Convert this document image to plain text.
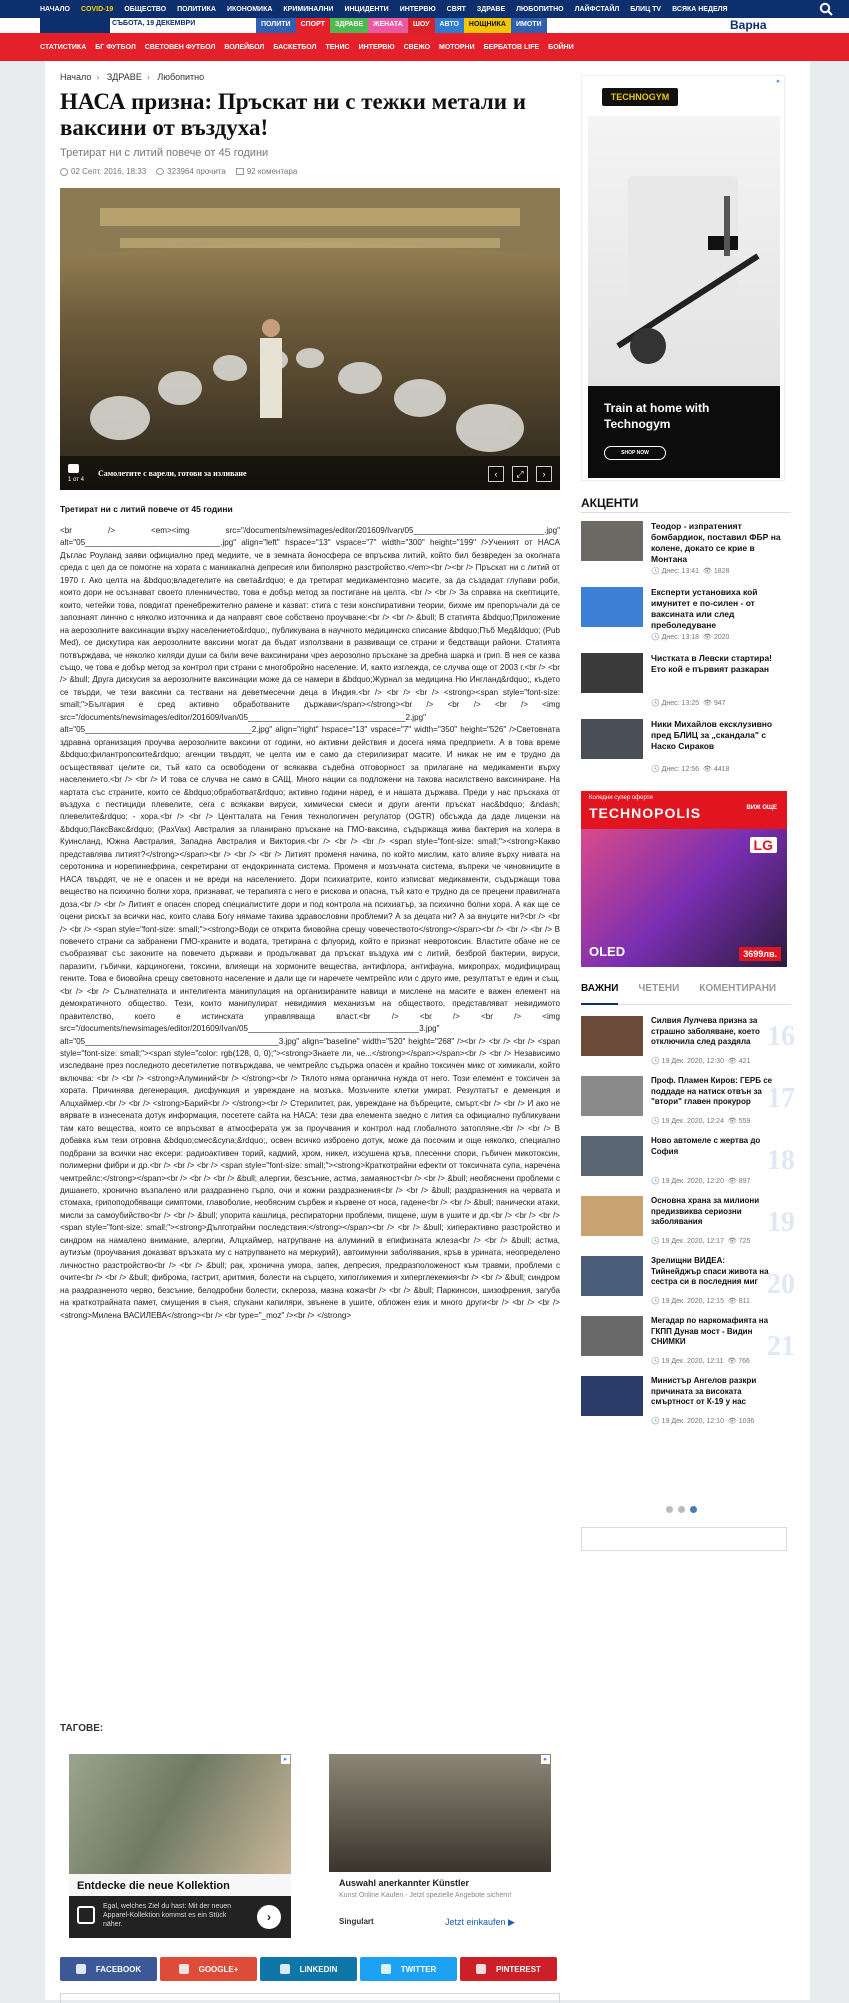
НАЧАЛО COVID-19 ОБЩЕСТВО ПОЛИТИКА ИКОНОМИКА КРИМИНАЛНИ ИНЦИДЕНТИ ИНТЕРВЮ СВЯТ ЗДРАВЕ ЛЮБОПИТНО ЛАЙФСТАЙЛ БЛИЦ TV ВСЯКА НЕДЕЛЯ
СЪБОТА, 19 ДЕКЕМВРИ	ПОЛИТИ	СПОРТ	ЗДРАВЕ	ЖЕНАТА	ШОУ	АВТО	НОЩНИКА	ИМОТИ	Варна
СТАТИСТИКА БГ ФУТБОЛ СВЕТОВЕН ФУТБОЛ ВОЛЕЙБОЛ БАСКЕТБОЛ ТЕНИС ИНТЕРВЮ СВЕЖО МОТОРНИ БЕРБАТОВ LIFE БОЙНИ
Начало › ЗДРАВЕ › Любопитно
НАСА призна: Пръскат ни с тежки метали и ваксини от въздуха!
Третират ни с литий повече от 45 години
02 Септ. 2016, 18:33	323964 прочита	92 коментара
1 от 4
Самолетите с варели, готови за изливане	‹	⤢	›
Третират ни с литий повече от 45 години
<br /> <em><img src="/documents/newsimages/editor/201609/Ivan/05_____________________________.jpg" alt="05______________________________.jpg" align="left" hspace="13" vspace="7" width="300" height="199" />Ученият от НАСА Дъглас Роуланд заяви официално пред медиите, че в земната йоносфера се впръсква литий, който бил безвреден за околната среда с цел да се помогне на хората с маниакална депресия или биполярно разстройство.</em><br /><br /> Пръскат ни с литий от 1970 г. Ако целта на &bdquo;владетелите на света&rdquo; е да третират медикаментозно масите, за да създадат глупави роби, които дори не осъзнават своето пленничество, това е добър метод за постигане на целта. <br /> <br /> За справка на скептиците, които, четейки това, повдигат пренебрежително рамене и казват: стига с тези конспиративни теории, бихме им препоръчали да се запознаят линчно с няколко източника и да направят свое собствено проучване:<br /> <br /> &bull; В статията &bdquo;Приложение на аерозолните ваксинации върху населението&rdquo;, публикувана в научното медицинско списание &bdquo;Пъб Мед&ldquo; (Pub Med), се дискутира как аерозолните ваксини могат да бъдат използвани в развиващи се страни и бедстващи райони. Статията потвърждава, че няколко хиляди души са били вече ваксинирани чрез аерозолно пръскане за дребна шарка и грип. В нея се казва също, че това е добър метод за контрол при страни с многобройно население. И, както изглежда, се случва още от 2003 г.<br /> <br /> &bull; Друга дискусия за аерозолните ваксинации може да се намери в &bdquo;Журнал за медицина Ню Ингланд&rdquo;, където се твърди, че тези ваксини са тествани на деветмесечни деца в Индия.<br /> <br /> <br /> <strong><span style="font-size: small;">България е сред активно обработваните държави</span></strong><br /> <br /> <br /> <img src="/documents/newsimages/editor/201609/Ivan/05___________________________________2.jpg" alt="05_____________________________________2.jpg" align="right" hspace="13" vspace="7" width="350" height="526" />Световната здравна организация проучва аерозолните ваксини от години, но активни действия и досега няма предприети. А в това време &bdquo;филантропските&rdquo; агенции твърдят, че целта им е само да стерилизират масите. И никак не им е трудно да осъществяват целите си, тъй като са освободени от всякаква съдебна отговорност за прилагане на медикаменти върху населението.<br /> <br /> И това се случва не само в САЩ. Много нации са подложени на такова насилствено ваксиниране. На картата със страните, които се &bdquo;обработват&rdquo; активно години наред, е и нашата държава. Преди у нас пръскаха от въздуха с пестициди плевелите, сега с всякакви вируси, химически смеси и други агенти пръскат нас&bdquo; &ndash; плевелите&rdquo; - хора.<br /> <br /> Центталата на Гения технологичен регулатор (OGTR) обсъжда да даде лицензи на &bdquo;ПаксВакс&rdquo; (PaxVax) Австралия за планирано пръскане на ГМО-ваксина, съдържаща жива бактерия на холера в Куинсланд, Южна Австралия, Западна Австралия и Виктория.<br /> <br /> <br /> <span style="font-size: small;"><strong>Какво представлява литият?</strong></span><br /> <br /> <br /> Литият променя начина, по който мислим, като влияе върху нивата на серотонина и норепинефрина, секретирани от ендокринната система. Променя и мозъчната система, въпреки че чиновниците в НАСА твърдят, че не е опасен и не вреди на населението. Дори психиатрите, които изписват медикаменти, съдържащи това вещество на психично болни хора, признават, че терапията с него е рискова и опасна, тъй като е трудно да се прецени правилната доза.<br /> <br /> Литият е опасен според специалистите дори и под контрола на психиатър, за психично болни хора. А как ще се оцени рискът за всички нас, които слава Богу нямаме такива здравословни проблеми? А за децата ни? А за внуците ни?<br /> <br /> <br /> <span style="font-size: small;"><strong>Води се открита биовойна срещу човечеството</strong></span><br /> <br /> <br /> В повечето страни са забранени ГМО-храните и водата, третирана с флуорид, който е признат невротоксин. Властите обаче не се съобразяват със законите на повечето държави и продължават да пръскат въздуха им с литий, безброй бактерии, вируси, паразити, гъбички, карциногени, токсини, влияещи на хормоните вещества, антифлора, антифауна, микропрах, модифициращ гените. Това е биовойна срещу световното население и дали ще ги наречете чемтрейлс или с друго име, резултатът е един и същ.<br /> <br /> Сълнателната и интелигента манипулация на организираните навици и мислене на масите е важен елемент на демократичното общество. Тези, които манипулират невидимия механизъм на обществото, представляват невидимото правителство, което е истинската управляваща власт.<br /> <br /> <br /> <img src="/documents/newsimages/editor/201609/Ivan/05______________________________________3.jpg" alt="05___________________________________________3.jpg" align="baseline" width="520" height="268" /><br /> <br /> <br /> <span style="font-size: small;"><span style="color: rgb(128, 0, 0);"><strong>Знаете ли, че...</strong></span></span><br /> <br /> Независимо изследване през последното десетилетие потвърждава, че чемтрейлс съдържа опасен и крайно токсичен микс от химикали, който включва: <br /> <br /> <strong>Алуминий<br /> </strong><br /> Тялото няма органична нужда от него. Този елемент е токсичен за хората. Причинява дегенерация, дисфункция и увреждане на мозъка. Мозъчните клетки умират. Резултатът е деменция и Алцхаймер.<br /> <br /> <strong>Барий<br /> </strong><br /> Стерилитет, рак, увреждане на бъбреците, смърт.<br /> <br /> И ако не вярвате в изнесената дотук информация, посетете сайта на НАСА: тези два елемента заедно с лития са официално публикувани там като вещества, които се впръскват в атмосферата уж за проучвания и контрол над глобалното затопляне.<br /> <br /> В добавка към тези отровна &bdquo;смес&cyna;&rdquo;, освен всичко изброено дотук, може да посочим и още няколко, специално подбрани за всички нас ексери: радиоактивен торий, кадмий, хром, никел, изсушена кръв, плесенни спори, гъбичен микотоксин, полимерни фибри и др.<br /> <br /> <br /> <span style="font-size: small;"><strong>Краткотрайни ефекти от токсичната супа, наречена чемтрейлс:</strong></span><br /> <br /> <br /> &bull; алергии, безсъние, астма, замаяност<br /> <br /> &bull; необяснени проблеми с дишането, хронично възпалено или раздразнено гърло, очи и кожни раздразнения<br /> <br /> &bull; раздразнения на червата и стомаха, грипоподобяващи симптоми, главоболие, необясним сърбеж и кървене от носа, гадене<br /> <br /> &bull; панически атаки, мисли за самоубийство<br /> <br /> &bull; упорита кашлица, респираторни проблеми, пищене, шум в ушите и др.<br /> <br /> <br /> <span style="font-size: small;"><strong>Дълготрайни последствия:</strong></span><br /> <br /> &bull; хиперактивно разстройство и синдром на намалено внимание, алергии, Алцхаймер, натрупване на алуминий в епифизната жлеза<br /> <br /> &bull; астма, аутизъм (проучвания доказват връзката му с натрупването на меркурий), автоимунни заболявания, кръв в урината, неопределено личностно разстройство<br /> <br /> &bull; рак, хронична умора, запек, депресия, предразположеност към травми, проблеми с очите<br /> <br /> &bull; фиброма, гастрит, аритмия, болести на сърцето, хипогликемия и хиперглекемия<br /> <br /> &bull; синдром на раздразненото черво, безсъние, белодробни болести, склероза, мазна кожа<br /> <br /> &bull; Паркинсон, шизофрения, загуба на краткотрайната памет, смущения в съня, спукани капиляри, звънене в ушите, обложен език и много други<br /> <br /> <br /> <strong>Милена ВАСИЛЕВА</strong><br /> <br type="_moz" /><br /> </strong>
ТАГОВЕ:
▸
Entdecke die neue Kollektion
Egal, welches Ziel du hast: Mit der neuen Apparel-Kollektion kommst es ein Stück näher.
›
▸
Auswahl anerkannter Künstler
Kunst Online Kaufen - Jetzt spezielle Angebote sichern!
Singulart	Jetzt einkaufen ▶
FACEBOOK	GOOGLE+	LINKEDIN	TWITTER	PINTEREST
TECHNOGYM
▸
Train at home with Technogym
SHOP NOW
АКЦЕНТИ
Теодор - изпратеният бомбардиок, поставил ФБР на колене, докато се крие в Монтана
🕓 Днес: 13:41  👁 1828
Експерти установиха кой имунитет е по-силен - от ваксината или след преболедуване
🕓 Днес: 13:18  👁 2020
Чистката в Левски стартира! Ето кой е първият разкаран
🕓 Днес: 13:25  👁 947
Ники Михайлов ексклузивно пред БЛИЦ за „скандала" с Наско Сираков
🕓 Днес: 12:56  👁 4418
Коледни супер оферти
TECHNOPOLIS	ВИЖ ОЩЕ
LG
OLED	3699лв.
ВАЖНИ ЧЕТЕНИ КОМЕНТИРАНИ
Силвия Лулчева призна за страшно заболяване, което отключила след раздяла
🕓 19 Дек. 2020, 12:30  👁 421
Проф. Пламен Киров: ГЕРБ се поддаде на натиск отвън за "втори" главен прокурор
🕓 19 Дек. 2020, 12:24  👁 559
Ново автомеле с жертва до София
🕓 19 Дек. 2020, 12:20  👁 897
Основна храна за милиони предизвиква сериозни заболявания
🕓 19 Дек. 2020, 12:17  👁 725
Зрелищни ВИДЕА: Тийнейджър спаси живота на сестра си в последния миг
🕓 19 Дек. 2020, 12:15  👁 811
Мегадар по наркомафията на ГКПП Дунав мост - Видин СНИМКИ
🕓 19 Дек. 2020, 12:11  👁 766
Министър Ангелов разкри причината за високата смъртност от К-19 у нас
🕓 19 Дек. 2020, 12:10  👁 1036
16
17
18
19
20
21
